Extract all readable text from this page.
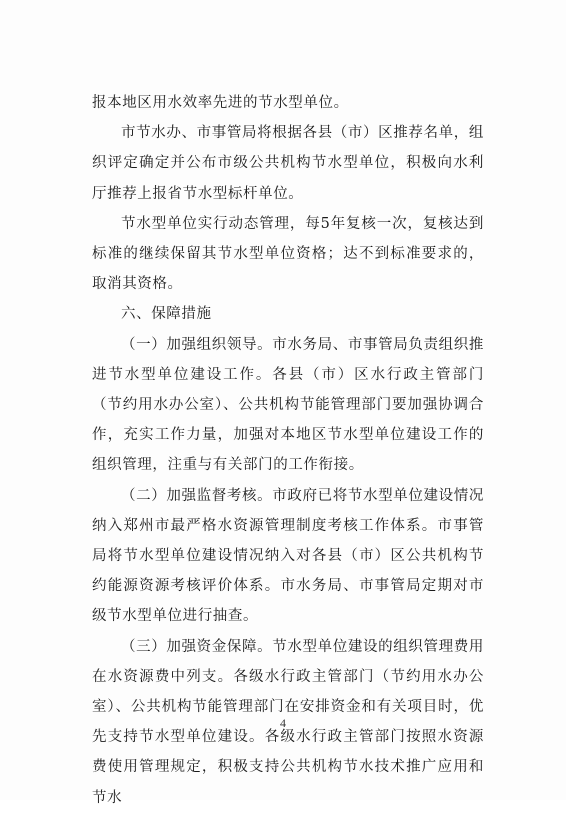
报本地区用水效率先进的节水型单位。

市节水办、市事管局将根据各县（市）区推荐名单，组织评定确定并公布市级公共机构节水型单位，积极向水利厅推荐上报省节水型标杆单位。

节水型单位实行动态管理，每5年复核一次，复核达到标准的继续保留其节水型单位资格；达不到标准要求的，取消其资格。

六、保障措施

（一）加强组织领导。市水务局、市事管局负责组织推进节水型单位建设工作。各县（市）区水行政主管部门（节约用水办公室）、公共机构节能管理部门要加强协调合作，充实工作力量，加强对本地区节水型单位建设工作的组织管理，注重与有关部门的工作衔接。

（二）加强监督考核。市政府已将节水型单位建设情况纳入郑州市最严格水资源管理制度考核工作体系。市事管局将节水型单位建设情况纳入对各县（市）区公共机构节约能源资源考核评价体系。市水务局、市事管局定期对市级节水型单位进行抽查。

（三）加强资金保障。节水型单位建设的组织管理费用在水资源费中列支。各级水行政主管部门（节约用水办公室）、公共机构节能管理部门在安排资金和有关项目时，优先支持节水型单位建设。各级水行政主管部门按照水资源费使用管理规定，积极支持公共机构节水技术推广应用和节水

4
